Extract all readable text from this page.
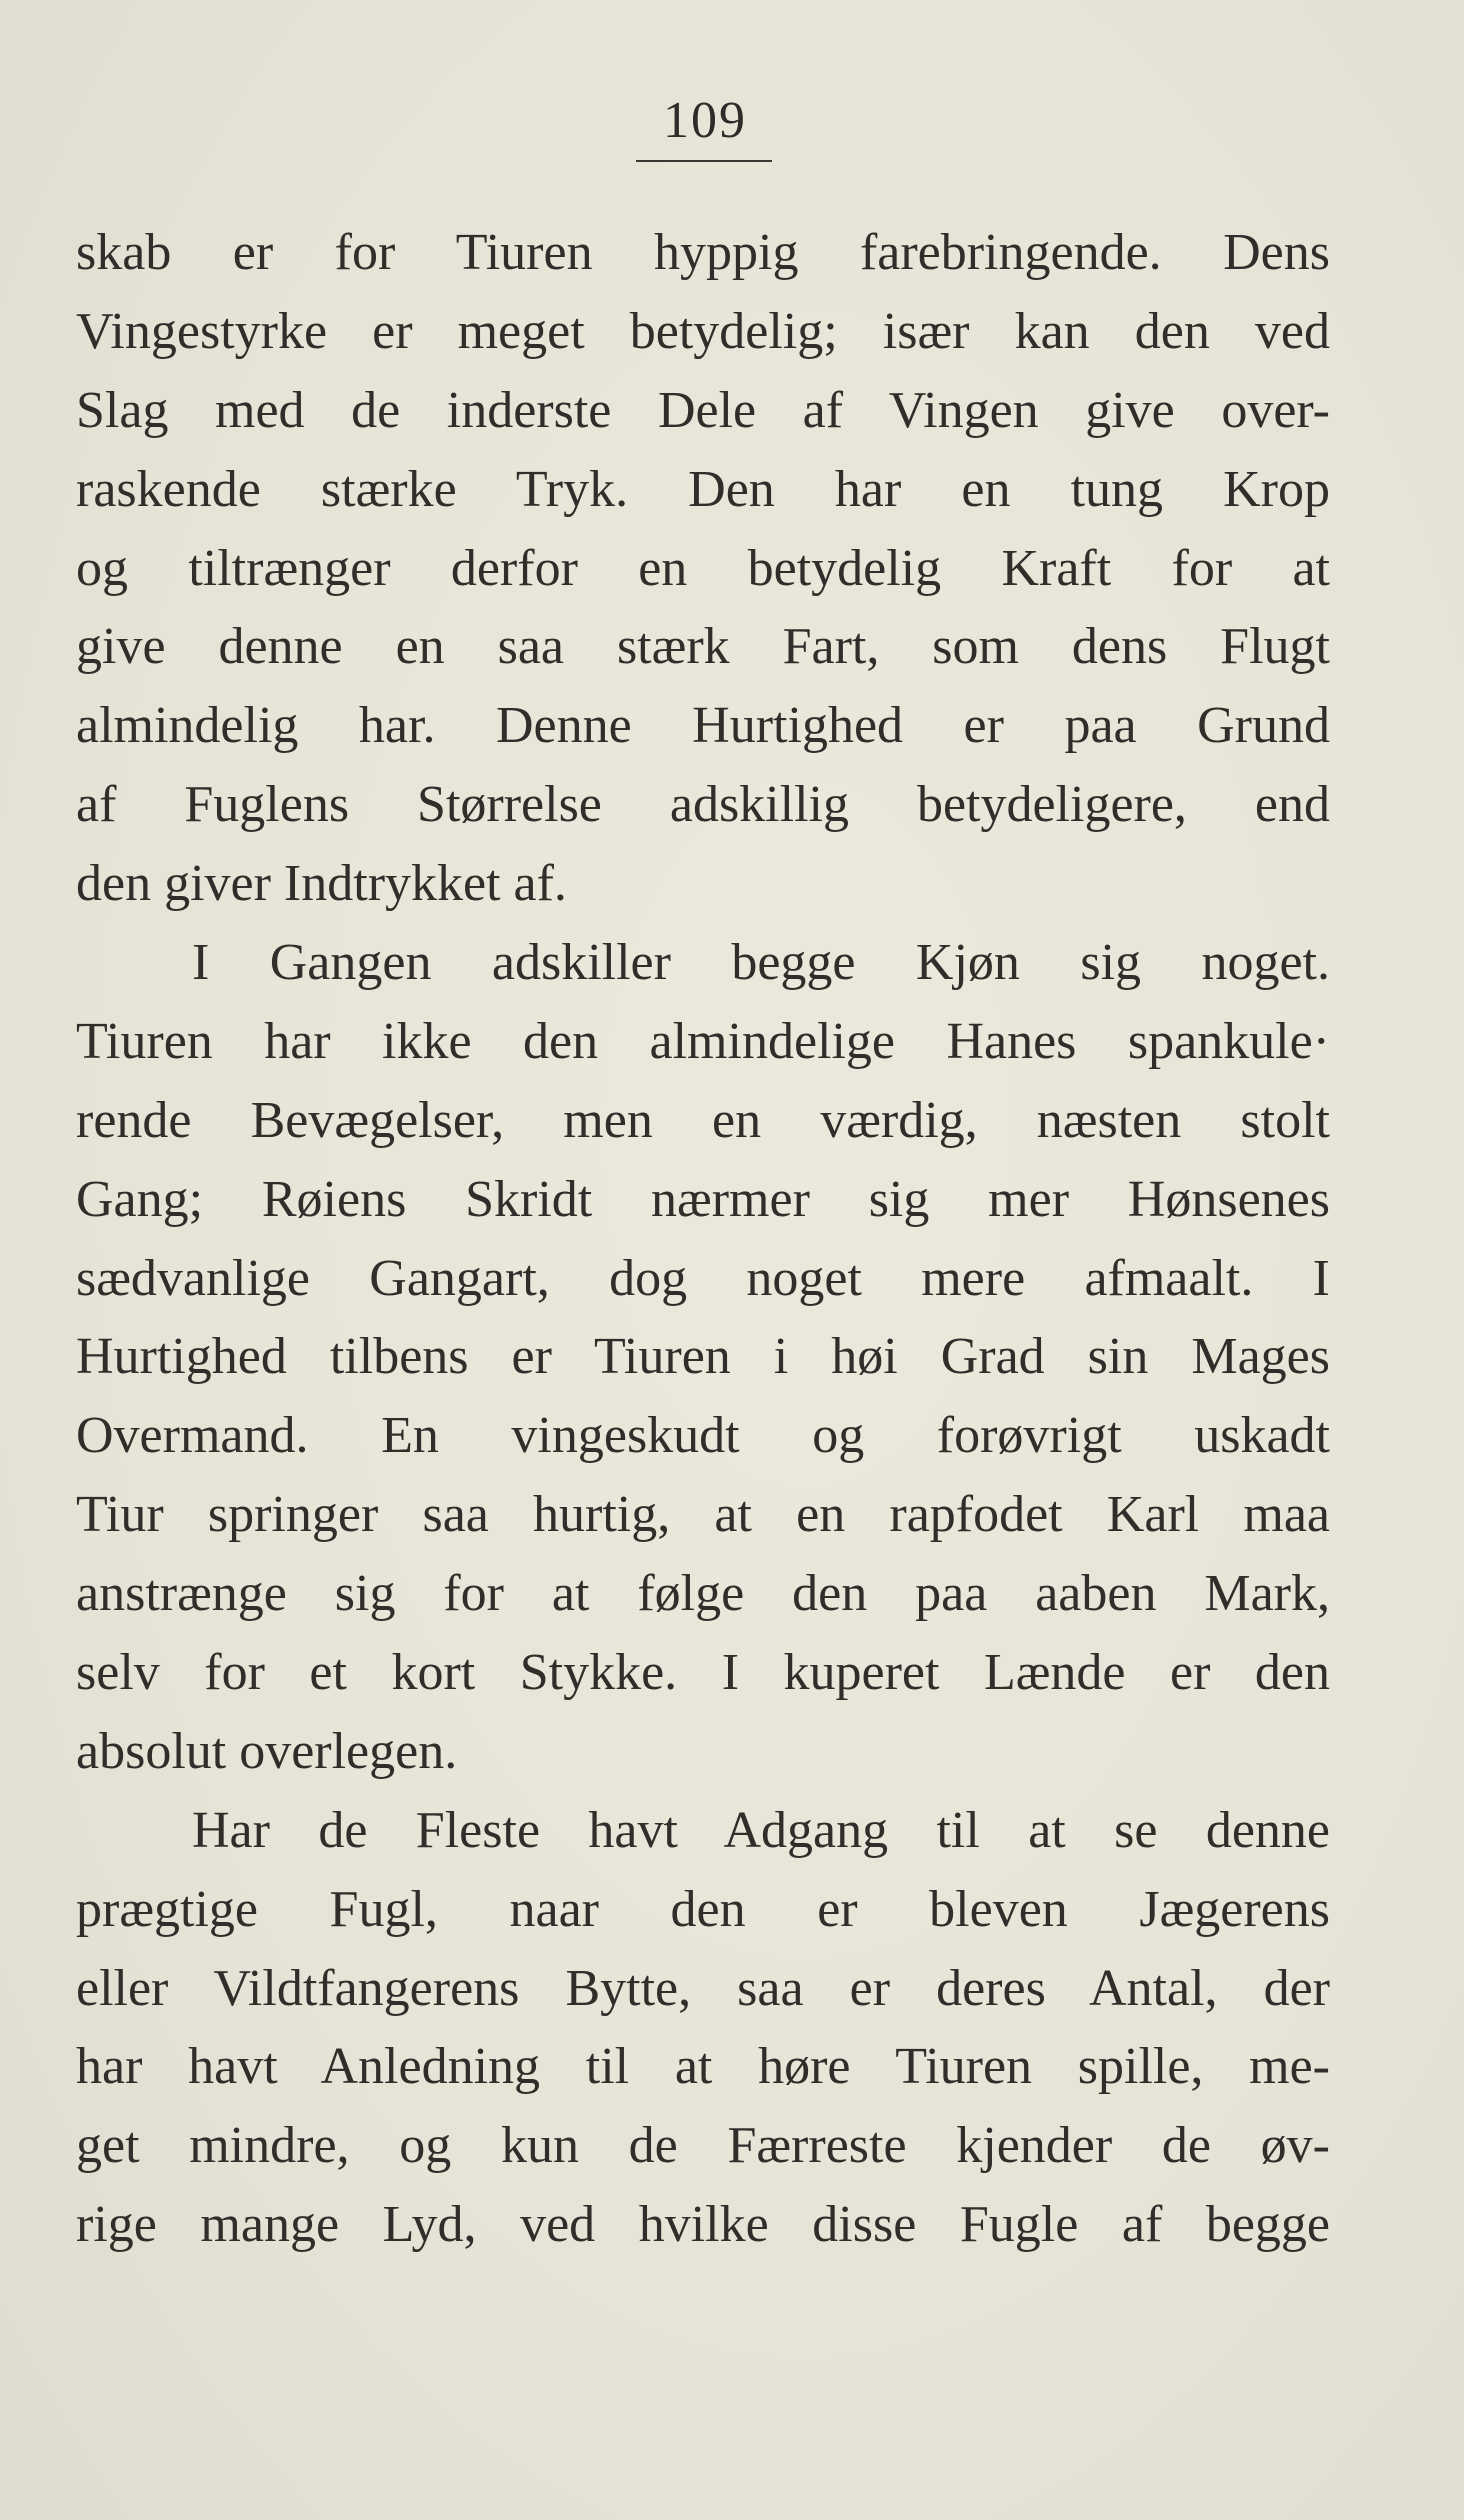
109
skab er for Tiuren hyppig farebringende. Dens
Vingestyrke er meget betydelig; især kan den ved
Slag med de inderste Dele af Vingen give over-
raskende stærke Tryk. Den har en tung Krop
og tiltrænger derfor en betydelig Kraft for at
give denne en saa stærk Fart, som dens Flugt
almindelig har. Denne Hurtighed er paa Grund
af Fuglens Størrelse adskillig betydeligere, end
den giver Indtrykket af.
I Gangen adskiller begge Kjøn sig noget.
Tiuren har ikke den almindelige Hanes spankule·
rende Bevægelser, men en værdig, næsten stolt
Gang; Røiens Skridt nærmer sig mer Hønsenes
sædvanlige Gangart, dog noget mere afmaalt. I
Hurtighed tilbens er Tiuren i høi Grad sin Mages
Overmand. En vingeskudt og forøvrigt uskadt
Tiur springer saa hurtig, at en rapfodet Karl maa
anstrænge sig for at følge den paa aaben Mark,
selv for et kort Stykke. I kuperet Lænde er den
absolut overlegen.
Har de Fleste havt Adgang til at se denne
prægtige Fugl, naar den er bleven Jægerens
eller Vildtfangerens Bytte, saa er deres Antal, der
har havt Anledning til at høre Tiuren spille, me-
get mindre, og kun de Færreste kjender de øv-
rige mange Lyd, ved hvilke disse Fugle af begge
